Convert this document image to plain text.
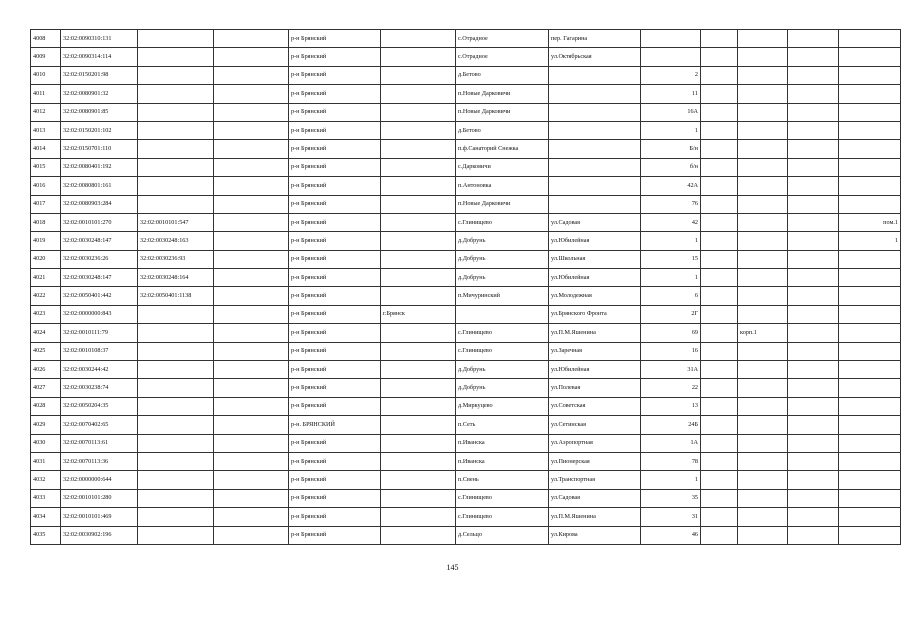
4008	32:02:0090310:131			р-н Брянский		с.Отрадное	пер. Гагарина					
4009	32:02:0090314:114			р-н Брянский		с.Отрадное	ул.Октябрьская					
4010	32:02:0150201:98			р-н Брянский		д.Бетово		2				
4011	32:02:0080901:32			р-н Брянский		п.Новые Дарковичи		11				
4012	32:02:0080901:85			р-н Брянский		п.Новые Дарковичи		16А				
4013	32:02:0150201:102			р-н Брянский		д.Бетово		1				
4014	32:02:0150701:110			р-н Брянский		п.ф.Санаторий Снежка		Б/н				
4015	32:02:0080401:192			р-н Брянский		с.Дарковичи		б/н				
4016	32:02:0080801:161			р-н Брянский		п.Антоновка		42А				
4017	32:02:0080903:284			р-н Брянский		п.Новые Дарковичи		76				
4018	32:02:0010101:270	32:02:0010101:547		р-н Брянский		с.Глинищево	ул.Садовая	42				пом.1
4019	32:02:0030248:147	32:02:0030248:163		р-н Брянский		д.Добрунь	ул.Юбилейная	1				1
4020	32:02:0030236:26	32:02:0030236:93		р-н Брянский		д.Добрунь	ул.Школьная	15				
4021	32:02:0030248:147	32:02:0030248:164		р-н Брянский		д.Добрунь	ул.Юбилейная	1				
4022	32:02:0050401:442	32:02:0050401:1138		р-н Брянский		п.Мичуринский	ул.Молодежная	6				
4023	32:02:0000000:843			р-н Брянский	г.Брянск		ул.Брянского Фронта	2Г				
4024	32:02:0010111:79			р-н Брянский		с.Глинищево	ул.П.М.Яшенина	69		корп.1		
4025	32:02:0010108:37			р-н Брянский		с.Глинищево	ул.Заречная	16				
4026	32:02:0030244:42			р-н Брянский		д.Добрунь	ул.Юбилейная	31А				
4027	32:02:0030238:74			р-н Брянский		д.Добрунь	ул.Полевая	22				
4028	32:02:0050204:35			р-н Брянский		д.Миркуцево	ул.Советская	13				
4029	32:02:0070402:65			р-н. БРЯНСКИЙ		п.Сеть	ул.Сетинская	24Б				
4030	32:02:0070113:61			р-н Брянский		п.Иванска	ул.Аэропортная	1А				
4031	32:02:0070113:36			р-н Брянский		п.Иванска	ул.Пионерская	78				
4032	32:02:0000000:644			р-н Брянский		п.Свень	ул.Транспортная	1				
4033	32:02:0010101:280			р-н Брянский		с.Глинищево	ул.Садовая	35				
4034	32:02:0010101:469			р-н Брянский		с.Глинищево	ул.П.М.Яшенина	31				
4035	32:02:0030902:196			р-н Брянский		д.Сельцо	ул.Кирова	46				
145
